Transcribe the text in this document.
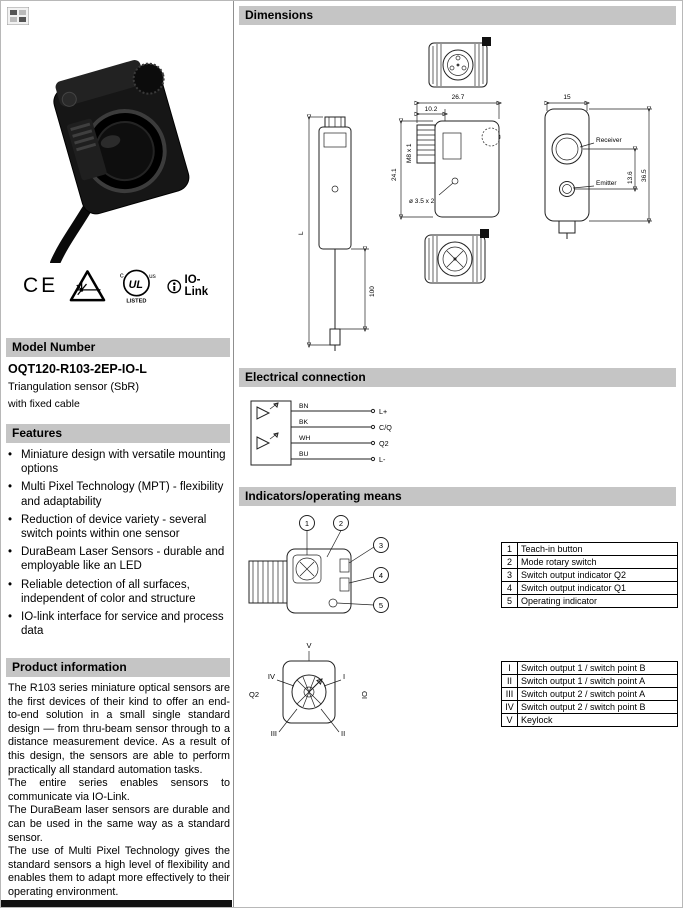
CE	c
UL
us
LISTED
IO-Link
Model Number
OQT120-R103-2EP-IO-L
Triangulation sensor (SbR)
with fixed cable
Features
•
Miniature design with versatile mounting options
•
Multi Pixel Technology (MPT) - flexibility and adaptability
•
Reduction of device variety - several switch points within one sensor
•
DuraBeam Laser Sensors - durable and employable like an LED
•
Reliable detection of all surfaces, independent of color and structure
•
IO-link interface for service and process data
Product information

The R103 series miniature optical sensors are the first devices of their kind to offer an end-to-end solution in a small single standard design — from thru-beam sensor through to a distance measurement device. As a result of this design, the sensors are able to perform practically all standard automation tasks.

The entire series enables sensors to communicate via IO-Link.

The DuraBeam laser sensors are durable and can be used in the same way as a standard sensor.

The use of Multi Pixel Technology gives the standard sensors a high level of flexibility and enables them to adapt more effectively to their operating environment.

Dimensions
L
100
26.7
10.2
M8 x 1
ø 3.5 x 2
24.1
15
Receiver
Emitter 13.6 36.5
Electrical connection
BN
L+
BK
C/Q
WH
Q2
BU
L-
Indicators/operating means
1	2
3
4
5
1	Teach-in button
2	Mode rotary switch
3	Switch output indicator Q2
4	Switch output indicator Q1
5	Operating indicator
V
IV	I
Q2
III	II
IO
I	Switch output 1 / switch point B
II	Switch output 1 / switch point A
III	Switch output 2 / switch point A
IV	Switch output 2 / switch point B
V	Keylock
